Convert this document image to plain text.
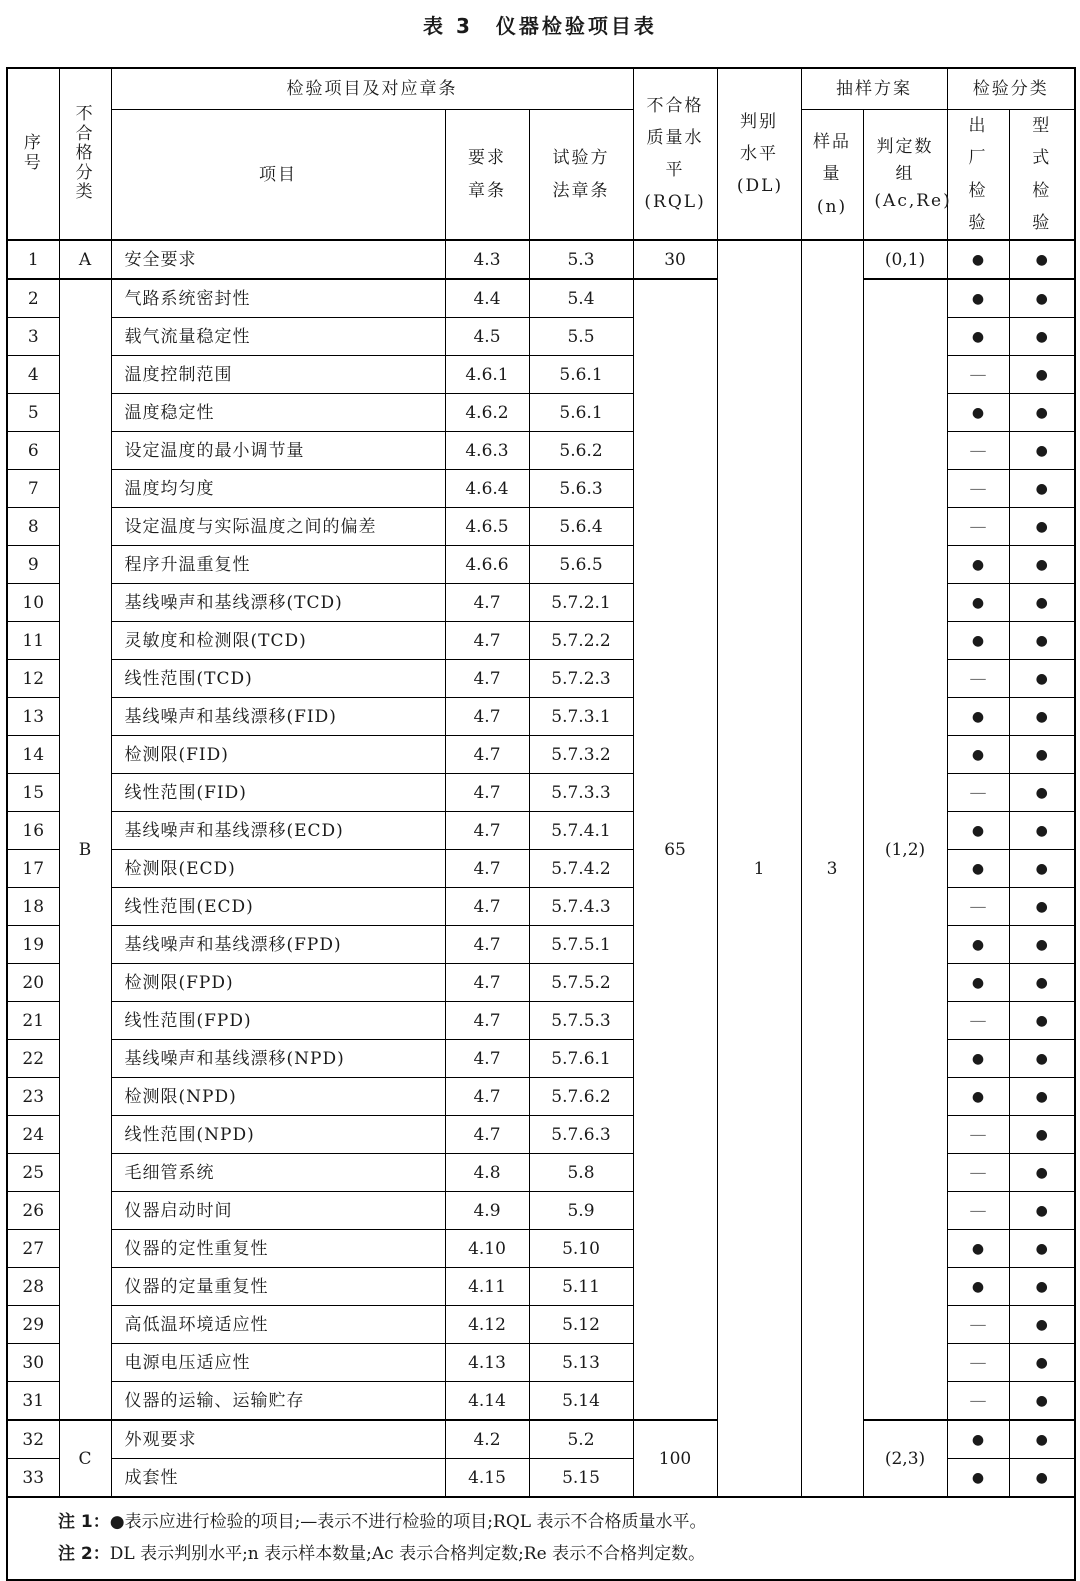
表 3　仪器检验项目表
序号	不合格分类	检验项目及对应章条			不合格质量水平(RQL)	判别水平(DL)	抽样方案		检验分类	
		项目	要求章条	试验方法章条			样品量(n)	判定数组(Ac,Re)	出厂检验	型式检验
1	A	安全要求	4.3	5.3	30	1	3	(0,1)	●	●
2	B	气路系统密封性	4.4	5.4	65			(1,2)	●	●
3		载气流量稳定性	4.5	5.5					●	●
4		温度控制范围	4.6.1	5.6.1					—	●
5		温度稳定性	4.6.2	5.6.1					●	●
6		设定温度的最小调节量	4.6.3	5.6.2					—	●
7		温度均匀度	4.6.4	5.6.3					—	●
8		设定温度与实际温度之间的偏差	4.6.5	5.6.4					—	●
9		程序升温重复性	4.6.6	5.6.5					●	●
10		基线噪声和基线漂移(TCD)	4.7	5.7.2.1					●	●
11		灵敏度和检测限(TCD)	4.7	5.7.2.2					●	●
12		线性范围(TCD)	4.7	5.7.2.3					—	●
13		基线噪声和基线漂移(FID)	4.7	5.7.3.1					●	●
14		检测限(FID)	4.7	5.7.3.2					●	●
15		线性范围(FID)	4.7	5.7.3.3					—	●
16		基线噪声和基线漂移(ECD)	4.7	5.7.4.1					●	●
17		检测限(ECD)	4.7	5.7.4.2					●	●
18		线性范围(ECD)	4.7	5.7.4.3					—	●
19		基线噪声和基线漂移(FPD)	4.7	5.7.5.1					●	●
20		检测限(FPD)	4.7	5.7.5.2					●	●
21		线性范围(FPD)	4.7	5.7.5.3					—	●
22		基线噪声和基线漂移(NPD)	4.7	5.7.6.1					●	●
23		检测限(NPD)	4.7	5.7.6.2					●	●
24		线性范围(NPD)	4.7	5.7.6.3					—	●
25		毛细管系统	4.8	5.8					—	●
26		仪器启动时间	4.9	5.9					—	●
27		仪器的定性重复性	4.10	5.10					●	●
28		仪器的定量重复性	4.11	5.11					●	●
29		高低温环境适应性	4.12	5.12					—	●
30		电源电压适应性	4.13	5.13					—	●
31		仪器的运输、运输贮存	4.14	5.14					—	●
32	C	外观要求	4.2	5.2	100			(2,3)	●	●
33		成套性	4.15	5.15					●	●

注 1：●表示应进行检验的项目;—表示不进行检验的项目;RQL 表示不合格质量水平。
注 2：DL 表示判别水平;n 表示样本数量;Ac 表示合格判定数;Re 表示不合格判定数。										
